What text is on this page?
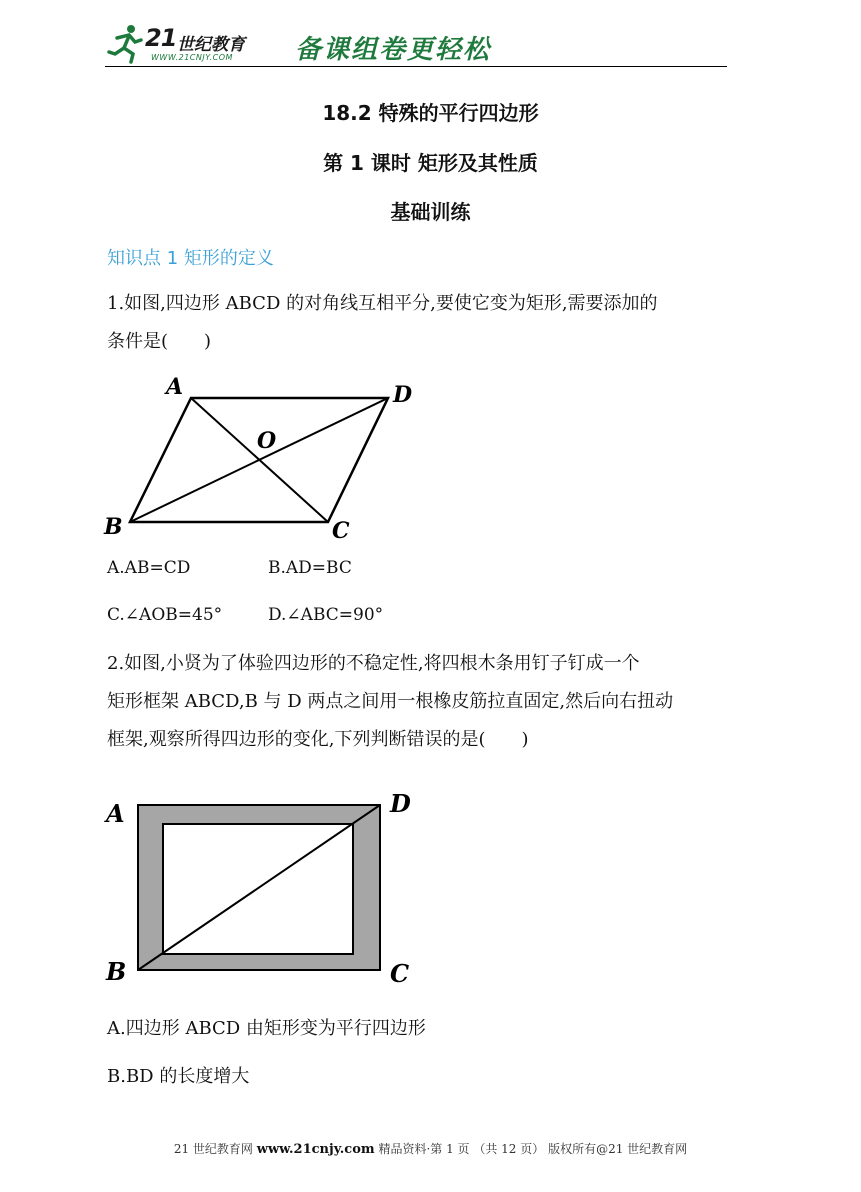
21 世纪教育
WWW.21CNJY.COM 备课组卷更轻松
18.2 特殊的平行四边形
第 1 课时 矩形及其性质
基础训练
知识点 1 矩形的定义
1.如图,四边形 ABCD 的对角线互相平分,要使它变为矩形,需要添加的
条件是(　　)
A	D
O
B	C
A.AB=CD	B.AD=BC
C.∠AOB=45°	D.∠ABC=90°
2.如图,小贤为了体验四边形的不稳定性,将四根木条用钉子钉成一个
矩形框架 ABCD,B 与 D 两点之间用一根橡皮筋拉直固定,然后向右扭动
框架,观察所得四边形的变化,下列判断错误的是(　　)
A	D
B	C
A.四边形 ABCD 由矩形变为平行四边形
B.BD 的长度增大
21 世纪教育网 www.21cnjy.com 精品资料·第 1 页 （共 12 页） 版权所有@21 世纪教育网
